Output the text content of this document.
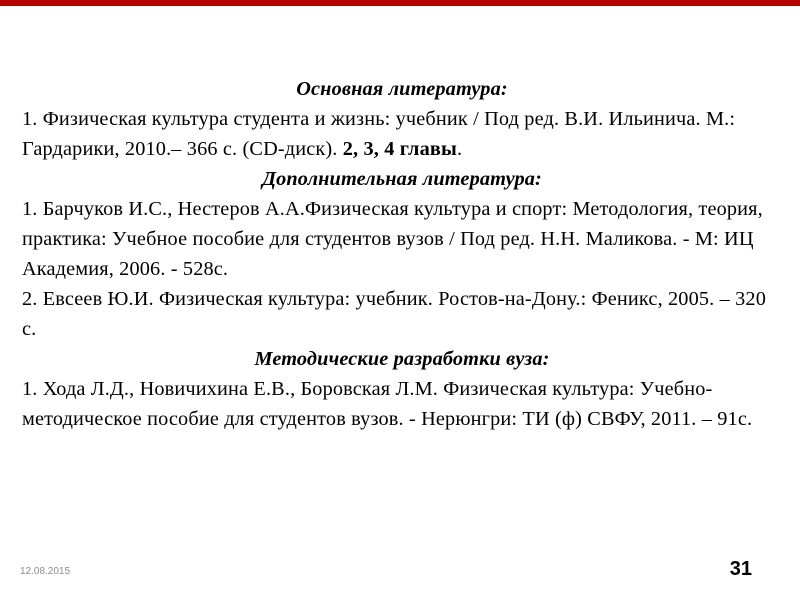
Основная литература:

1. Физическая культура студента и жизнь: учебник / Под ред. В.И. Ильинича. М.: Гардарики, 2010.– 366 с. (CD-диск). 2, 3, 4 главы.

Дополнительная литература:

1. Барчуков И.С., Нестеров А.А.Физическая культура и спорт: Методология, теория, практика: Учебное пособие для студентов вузов / Под ред. Н.Н. Маликова. - М: ИЦ Академия, 2006. - 528с.

2. Евсеев Ю.И. Физическая культура: учебник. Ростов-на-Дону.: Феникс, 2005. – 320 с.

Методические разработки вуза:

1. Хода Л.Д., Новичихина Е.В., Боровская Л.М. Физическая культура: Учебно- методическое пособие для студентов вузов. - Нерюнгри: ТИ (ф) СВФУ, 2011. – 91с.

12.08.2015	31
